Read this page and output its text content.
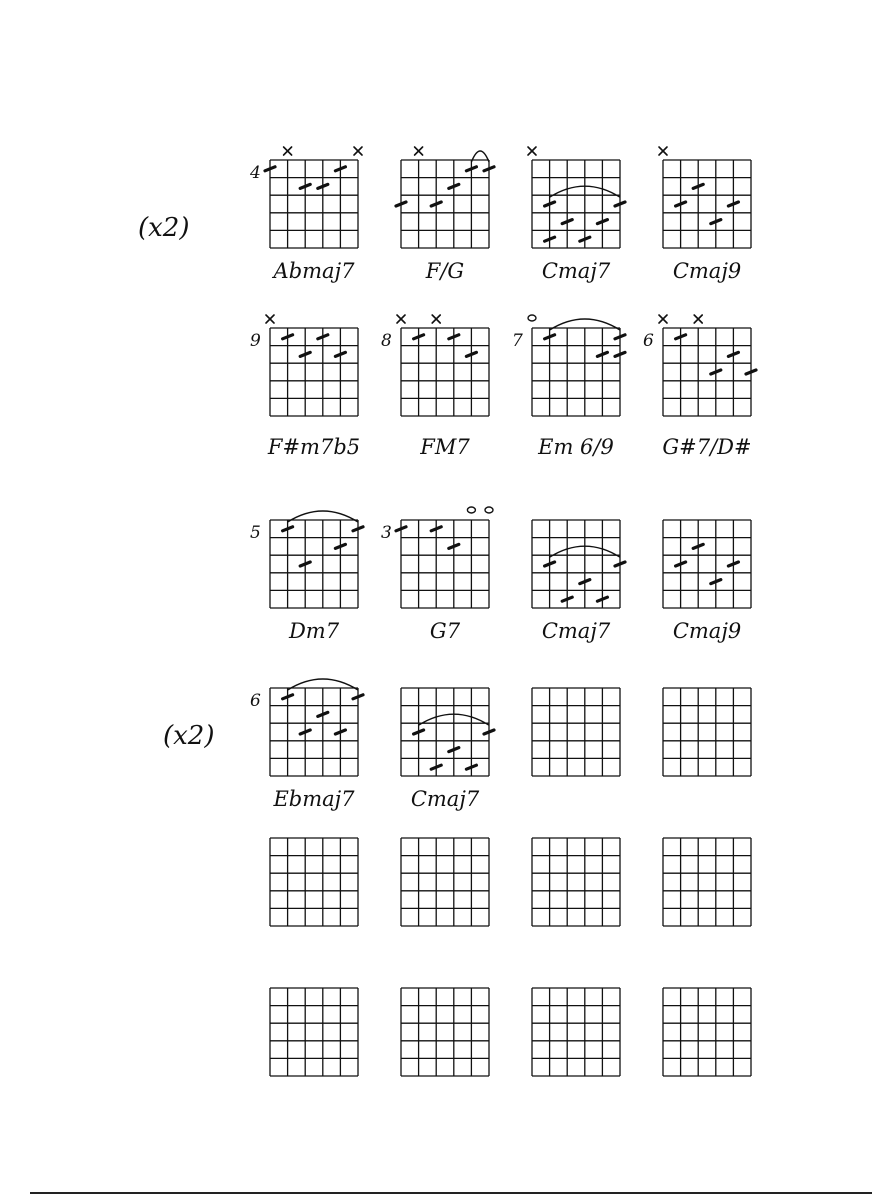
4
Abmaj7	F/G	Cmaj7	Cmaj9
9
F#m7b5
8
FM7
7
Em 6/9
6
G#7/D#
5
Dm7
3
G7	Cmaj7	Cmaj9
6
Ebmaj7	Cmaj7
(x2)
(x2)
